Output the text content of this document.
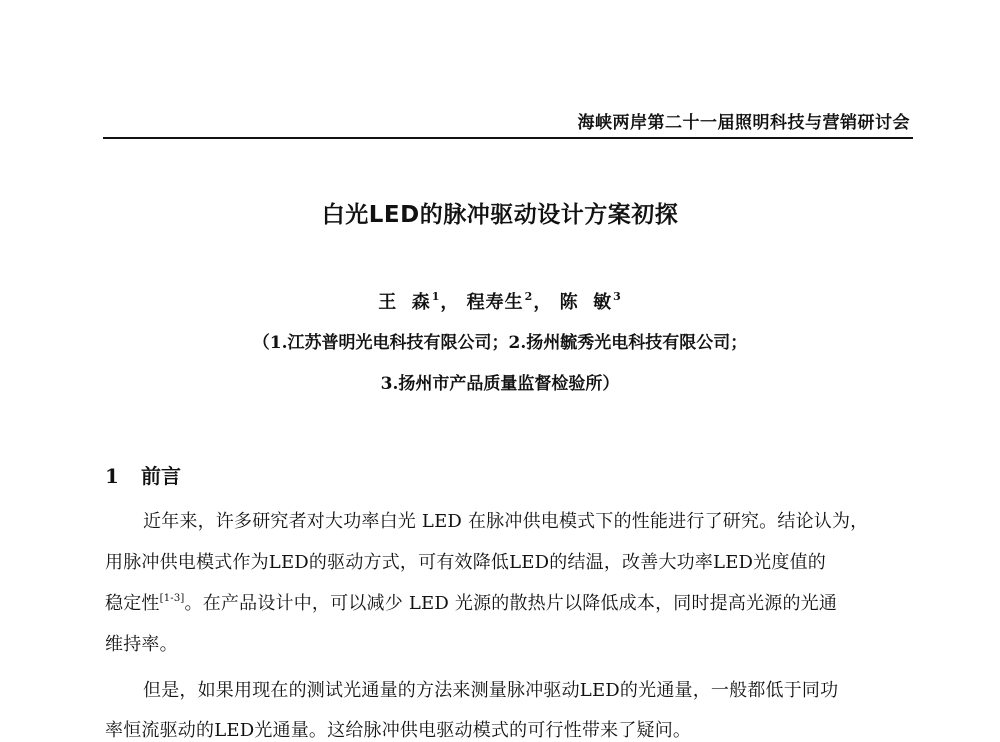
海峡两岸第二十一届照明科技与营销研讨会
白光LED的脉冲驱动设计方案初探
王  森$^1$， 程寿生$^2$， 陈  敏$^3$
（1.江苏普明光电科技有限公司；2.扬州毓秀光电科技有限公司；
3.扬州市产品质量监督检验所）
1 前言
近年来，许多研究者对大功率白光 LED 在脉冲供电模式下的性能进行了研究。结论认为，
用脉冲供电模式作为LED的驱动方式，可有效降低LED的结温，改善大功率LED光度值的
稳定性[1-3]。在产品设计中，可以减少 LED 光源的散热片以降低成本，同时提高光源的光通
维持率。
但是，如果用现在的测试光通量的方法来测量脉冲驱动LED的光通量，一般都低于同功
率恒流驱动的LED光通量。这给脉冲供电驱动模式的可行性带来了疑问。
